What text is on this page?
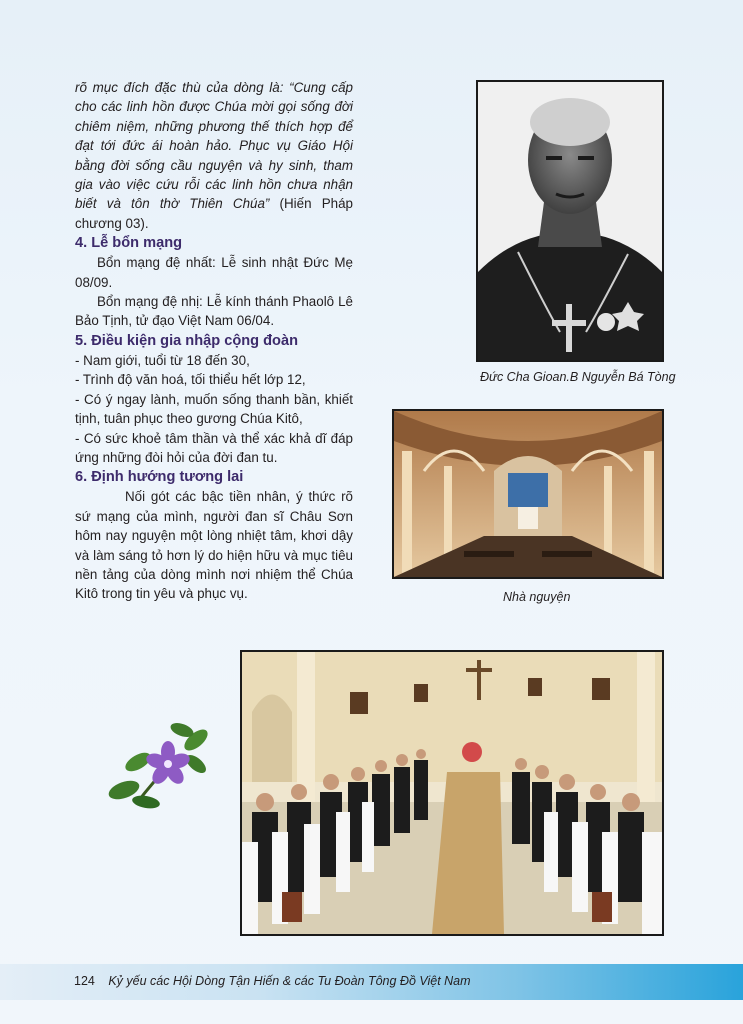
rõ mục đích đặc thù của dòng là: “Cung cấp cho các linh hồn được Chúa mời gọi sống đời chiêm niệm, những phương thế thích hợp để đạt tới đức ái hoàn hảo. Phục vụ Giáo Hội bằng đời sống cầu nguyện và hy sinh, tham gia vào việc cứu rỗi các linh hồn chưa nhận biết và tôn thờ Thiên Chúa” (Hiến Pháp chương 03).

4. Lễ bổn mạng

Bổn mạng đệ nhất: Lễ sinh nhật Đức Mẹ 08/09.

Bổn mạng đệ nhị: Lễ kính thánh Phaolô Lê Bảo Tịnh, tử đạo Việt Nam 06/04.

5. Điều kiện gia nhập cộng đoàn

- Nam giới, tuổi từ 18 đến 30,

- Trình độ văn hoá, tối thiểu hết lớp 12,

- Có ý ngay lành, muốn sống thanh bần, khiết tịnh, tuân phục theo gương Chúa Kitô,

- Có sức khoẻ tâm thần và thể xác khả dĩ đáp ứng những đòi hỏi của đời đan tu.

6. Định hướng tương lai

Nối gót các bậc tiền nhân, ý thức rõ sứ mạng của mình, người đan sĩ Châu Sơn hôm nay nguyện một lòng nhiệt tâm, khơi dậy và làm sáng tỏ hơn lý do hiện hữu và mục tiêu nền tảng của dòng mình nơi nhiệm thể Chúa Kitô trong tin yêu và phục vụ.

Đức Cha Gioan.B Nguyễn Bá Tòng
Nhà nguyện
124 Kỷ yếu các Hội Dòng Tận Hiến & các Tu Đoàn Tông Đồ Việt Nam
